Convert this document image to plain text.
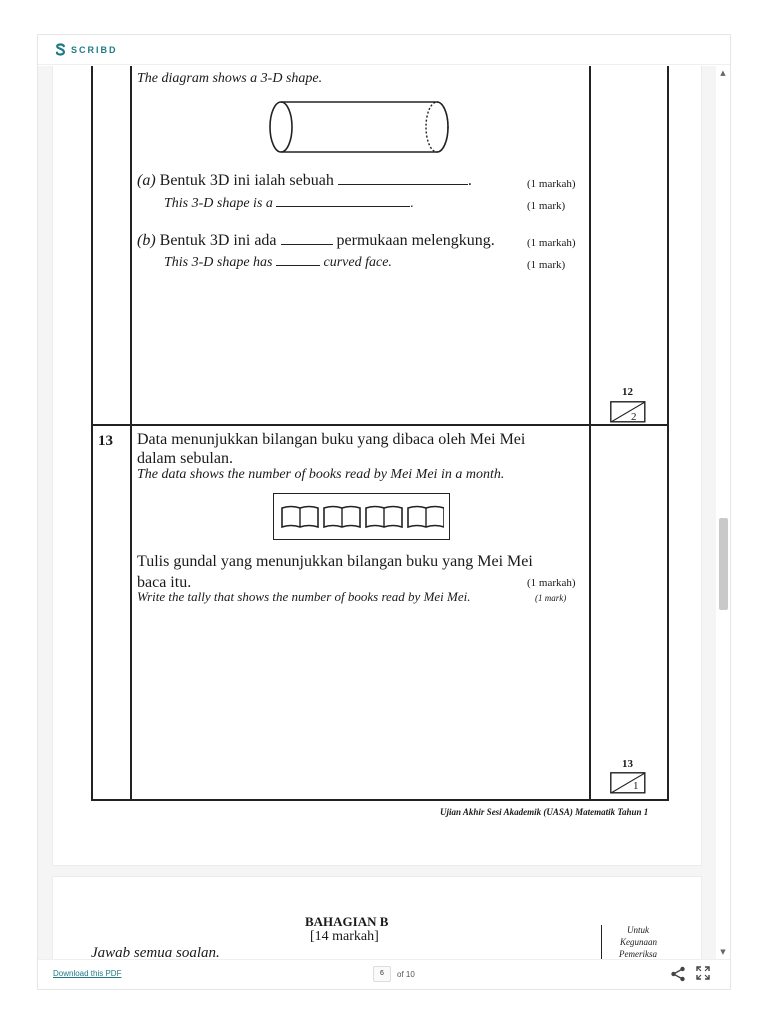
SCRIBD
The diagram shows a 3-D shape.
(a) Bentuk 3D ini ialah sebuah	.	(1 markah)
This 3-D shape is a	.	(1 mark)
(b) Bentuk 3D ini ada	permukaan melengkung.	(1 markah)
This 3-D shape has	curved face.	(1 mark)
12
2
13 Data menunjukkan bilangan buku yang dibaca oleh Mei Mei
dalam sebulan.
The data shows the number of books read by Mei Mei in a month.
Tulis gundal yang menunjukkan bilangan buku yang Mei Mei
baca itu.	(1 markah)
Write the tally that shows the number of books read by Mei Mei.	(1 mark)
13
1
Ujian Akhir Sesi Akademik (UASA) Matematik Tahun 1
BAHAGIAN B
[14 markah]
Jawab semua soalan.
Untuk
Kegunaan
Pemeriksa
▲
▼
Download this PDF	6	of 10
